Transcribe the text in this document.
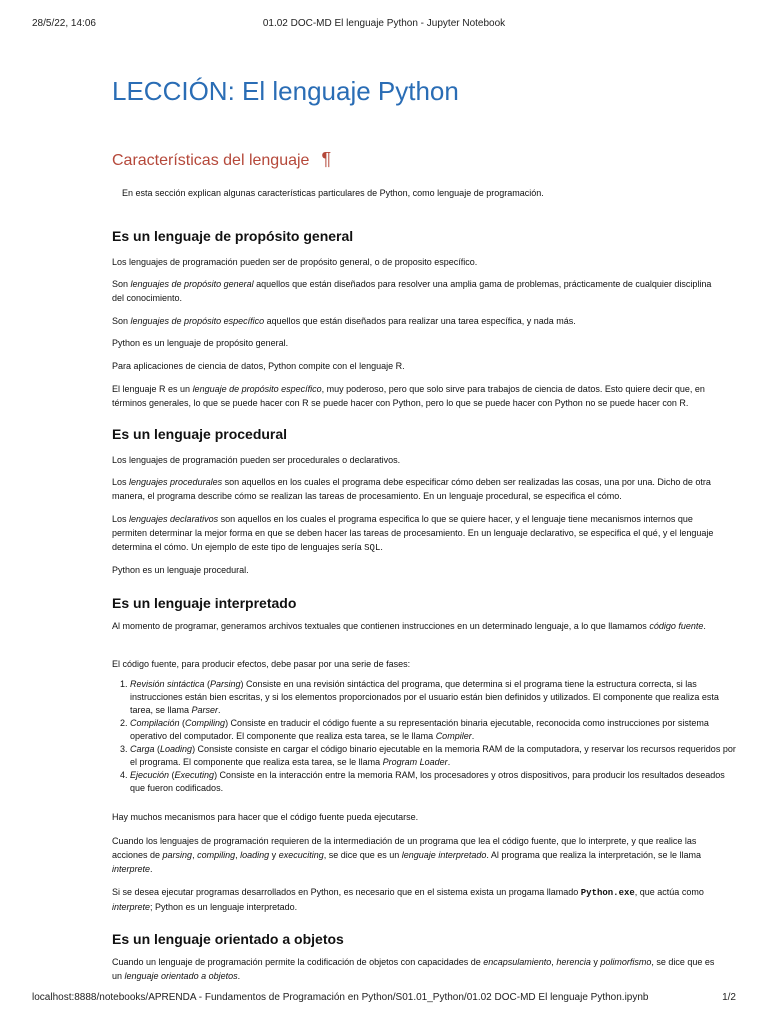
28/5/22, 14:06	01.02 DOC-MD El lenguaje Python - Jupyter Notebook
LECCIÓN: El lenguaje Python
Características del lenguaje ¶
En esta sección explican algunas características particulares de Python, como lenguaje de programación.
Es un lenguaje de propósito general

Los lenguajes de programación pueden ser de propósito general, o de proposito específico.

Son lenguajes de propósito general aquellos que están diseñados para resolver una amplia gama de problemas, prácticamente de cualquier disciplina del conocimiento.

Son lenguajes de propósito específico aquellos que están diseñados para realizar una tarea específica, y nada más.

Python es un lenguaje de propósito general.

Para aplicaciones de ciencia de datos, Python compite con el lenguaje R.

El lenguaje R es un lenguaje de propósito específico, muy poderoso, pero que solo sirve para trabajos de ciencia de datos. Esto quiere decir que, en términos generales, lo que se puede hacer con R se puede hacer con Python, pero lo que se puede hacer con Python no se puede hacer con R.

Es un lenguaje procedural

Los lenguajes de programación pueden ser procedurales o declarativos.

Los lenguajes procedurales son aquellos en los cuales el programa debe especificar cómo deben ser realizadas las cosas, una por una. Dicho de otra manera, el programa describe cómo se realizan las tareas de procesamiento. En un lenguaje procedural, se especifica el cómo.

Los lenguajes declarativos son aquellos en los cuales el programa especifica lo que se quiere hacer, y el lenguaje tiene mecanismos internos que permiten determinar la mejor forma en que se deben hacer las tareas de procesamiento. En un lenguaje declarativo, se especifica el qué, y el lenguaje determina el cómo. Un ejemplo de este tipo de lenguajes sería SQL.

Python es un lenguaje procedural.

Es un lenguaje interpretado

Al momento de programar, generamos archivos textuales que contienen instrucciones en un determinado lenguaje, a lo que llamamos código fuente.

El código fuente, para producir efectos, debe pasar por una serie de fases:

1. Revisión sintáctica (Parsing) Consiste en una revisión sintáctica del programa, que determina si el programa tiene la estructura correcta, si las instrucciones están bien escritas, y si los elementos proporcionados por el usuario están bien definidos y utilizados. El componente que realiza esta tarea, se llama Parser.
2. Compilación (Compiling) Consiste en traducir el código fuente a su representación binaria ejecutable, reconocida como instrucciones por sistema operativo del computador. El componente que realiza esta tarea, se le llama Compiler.
3. Carga (Loading) Consiste consiste en cargar el código binario ejecutable en la memoria RAM de la computadora, y reservar los recursos requeridos por el programa. El componente que realiza esta tarea, se le llama Program Loader.
4. Ejecución (Executing) Consiste en la interacción entre la memoria RAM, los procesadores y otros dispositivos, para producir los resultados deseados que fueron codificados.

Hay muchos mecanismos para hacer que el código fuente pueda ejecutarse.

Cuando los lenguajes de programación requieren de la intermediación de un programa que lea el código fuente, que lo interprete, y que realice las acciones de parsing, compiling, loading y execuciting, se dice que es un lenguaje interpretado. Al programa que realiza la interpretación, se le llama interprete.

Si se desea ejecutar programas desarrollados en Python, es necesario que en el sistema exista un progama llamado Python.exe, que actúa como interprete; Python es un lenguaje interpretado.

Es un lenguaje orientado a objetos

Cuando un lenguaje de programación permite la codificación de objetos con capacidades de encapsulamiento, herencia y polimorfismo, se dice que es un lenguaje orientado a objetos.

localhost:8888/notebooks/APRENDA - Fundamentos de Programación en Python/S01.01_Python/01.02 DOC-MD El lenguaje Python.ipynb	1/2
